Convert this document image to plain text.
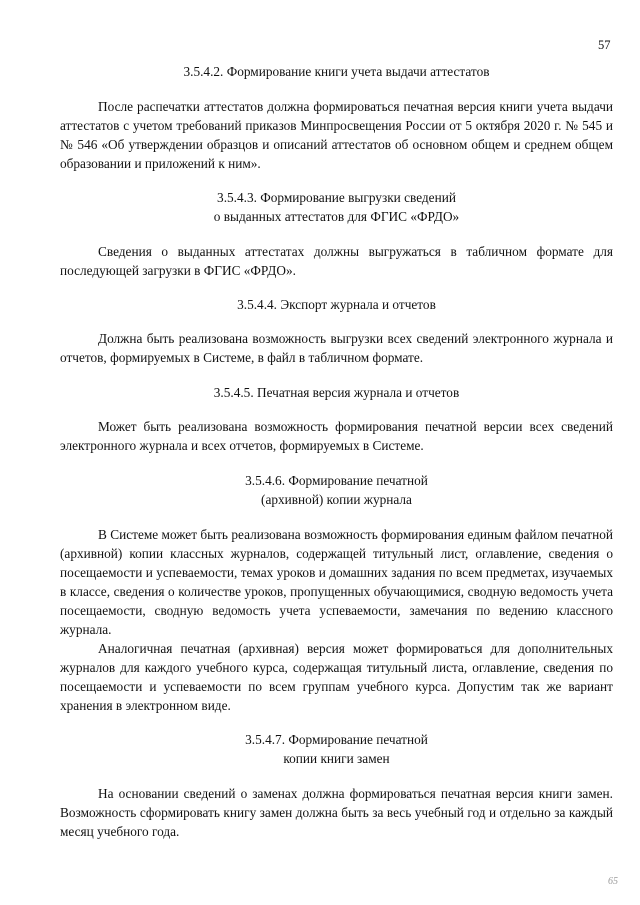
57

3.5.4.2. Формирование книги учета выдачи аттестатов

После распечатки аттестатов должна формироваться печатная версия книги учета выдачи аттестатов с учетом требований приказов Минпросвещения России от 5 октября 2020 г. № 545 и № 546 «Об утверждении образцов и описаний аттестатов об основном общем и среднем общем образовании и приложений к ним».

3.5.4.3. Формирование выгрузки сведений
о выданных аттестатов для ФГИС «ФРДО»

Сведения о выданных аттестатах должны выгружаться в табличном формате для последующей загрузки в ФГИС «ФРДО».

3.5.4.4. Экспорт журнала и отчетов

Должна быть реализована возможность выгрузки всех сведений электронного журнала и отчетов, формируемых в Системе, в файл в табличном формате.

3.5.4.5. Печатная версия журнала и отчетов

Может быть реализована возможность формирования печатной версии всех сведений электронного журнала и всех отчетов, формируемых в Системе.

3.5.4.6. Формирование печатной
(архивной) копии журнала

В Системе может быть реализована возможность формирования единым файлом печатной (архивной) копии классных журналов, содержащей титульный лист, оглавление, сведения о посещаемости и успеваемости, темах уроков и домашних задания по всем предметах, изучаемых в классе, сведения о количестве уроков, пропущенных обучающимися, сводную ведомость учета посещаемости, сводную ведомость учета успеваемости, замечания по ведению классного журнала.

Аналогичная печатная (архивная) версия может формироваться для дополнительных журналов для каждого учебного курса, содержащая титульный листа, оглавление, сведения по посещаемости и успеваемости по всем группам учебного курса. Допустим так же вариант хранения в электронном виде.

3.5.4.7. Формирование печатной
копии книги замен

На основании сведений о заменах должна формироваться печатная версия книги замен. Возможность сформировать книгу замен должна быть за весь учебный год и отдельно за каждый месяц учебного года.

65
